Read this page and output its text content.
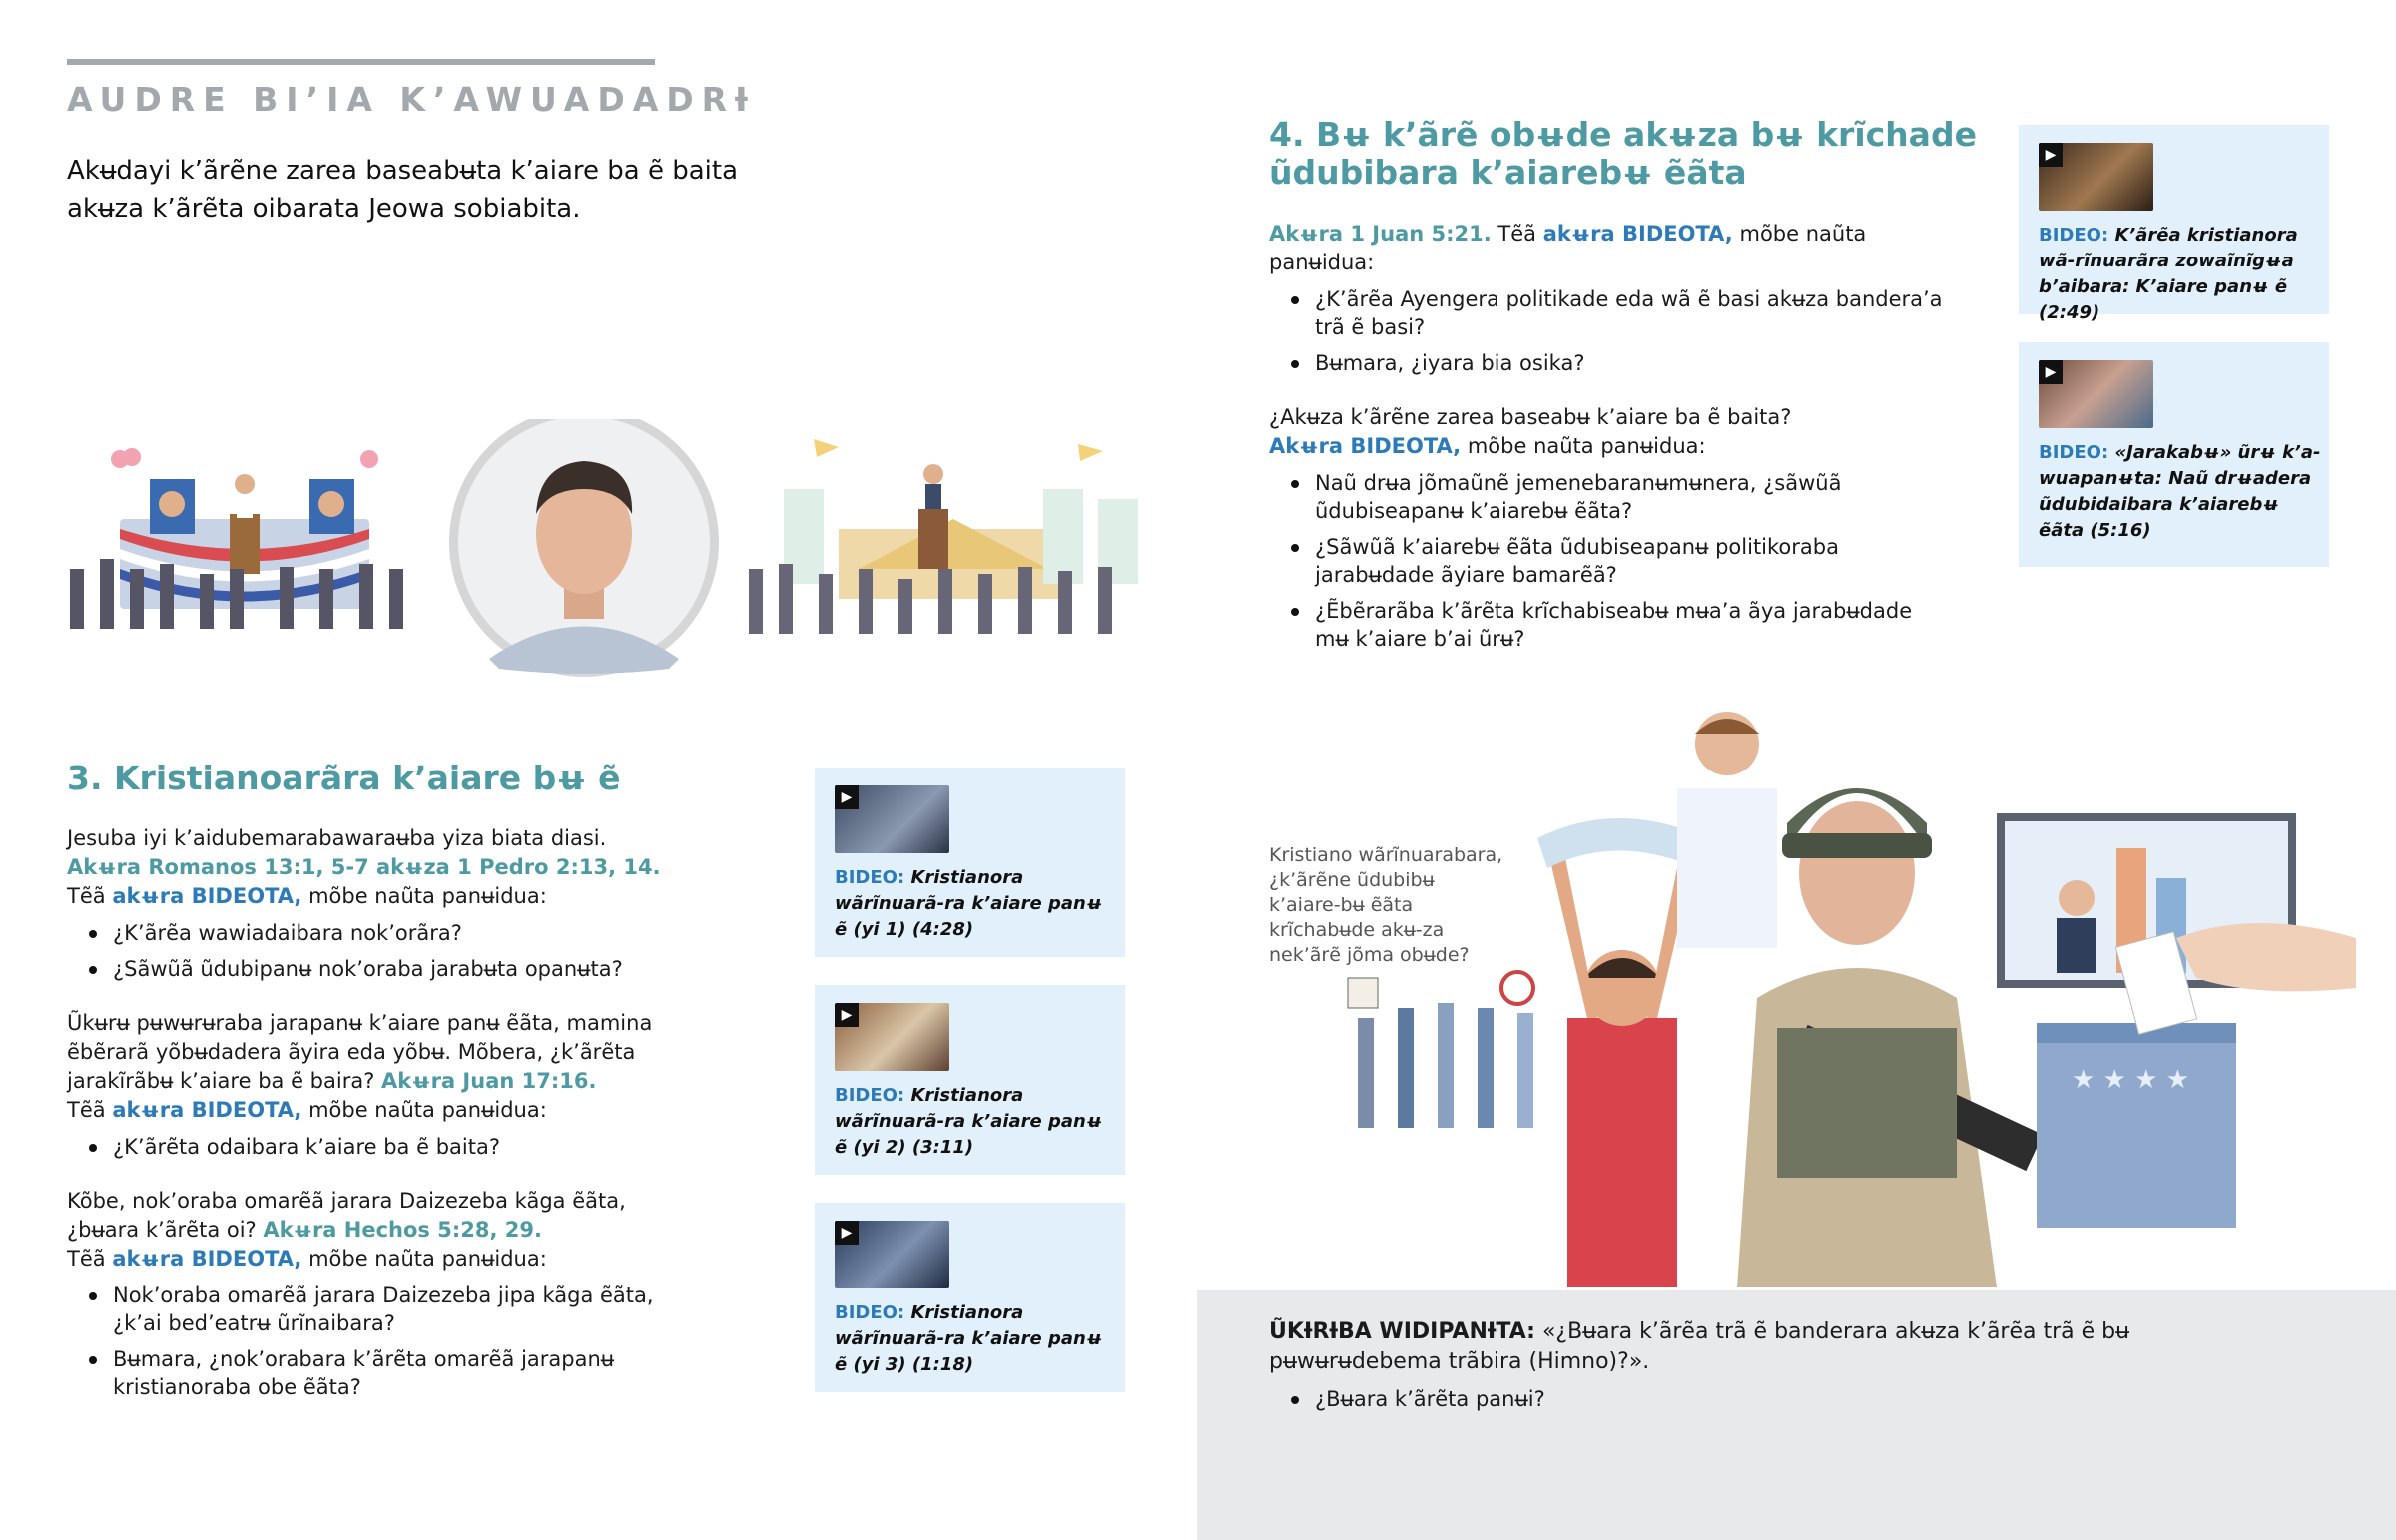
AUDRE BI’IA K’AWUADADRƗ
Akʉdayi k’ãrẽne zarea baseabʉta k’aiare ba ẽ baita akʉza k’ãrẽta oibarata Jeowa sobiabita.
3. Kristianoarãra k’aiare bʉ ẽ

Jesuba iyi k’aidubemarabawaraʉba yiza biata diasi.
Akʉra Romanos 13:1, 5-7 akʉza 1 Pedro 2:13, 14.
Tẽã akʉra BIDEOTA, mõbe naũta panʉidua:

¿K’ãrẽa wawiadaibara nok’orãra?
¿Sãwũã ũdubipanʉ nok’oraba jarabʉta opanʉta?

Ũkʉrʉ pʉwʉrʉraba jarapanʉ k’aiare panʉ ẽãta, mamina ẽbẽrarã yõbʉdadera ãyira eda yõbʉ. Mõbera, ¿k’ãrẽta jarakĩrãbʉ k’aiare ba ẽ baira? Akʉra Juan 17:16.
Tẽã akʉra BIDEOTA, mõbe naũta panʉidua:

¿K’ãrẽta odaibara k’aiare ba ẽ baita?

Kõbe, nok’oraba omarẽã jarara Daizezeba kãga ẽãta, ¿bʉara k’ãrẽta oi? Akʉra Hechos 5:28, 29.
Tẽã akʉra BIDEOTA, mõbe naũta panʉidua:

Nok’oraba omarẽã jarara Daizezeba jipa kãga ẽãta, ¿k’ai bed’eatrʉ ũrĩnaibara?
Bʉmara, ¿nok’orabara k’ãrẽta omarẽã jarapanʉ kristianoraba obe ẽãta?
▶
BIDEO: Kristianora wãrĩnuarã-ra k’aiare panʉ ẽ (yi 1) (4:28)
▶
BIDEO: Kristianora wãrĩnuarã-ra k’aiare panʉ ẽ (yi 2) (3:11)
▶
BIDEO: Kristianora wãrĩnuarã-ra k’aiare panʉ ẽ (yi 3) (1:18)
4. Bʉ k’ãrẽ obʉde akʉza bʉ krĩchade ũdubibara k’aiarebʉ ẽãta

Akʉra 1 Juan 5:21. Tẽã akʉra BIDEOTA, mõbe naũta panʉidua:

¿K’ãrẽa Ayengera politikade eda wã ẽ basi akʉza bandera’a trã ẽ basi?
Bʉmara, ¿iyara bia osika?

¿Akʉza k’ãrẽne zarea baseabʉ k’aiare ba ẽ baita?
Akʉra BIDEOTA, mõbe naũta panʉidua:

Naũ drʉa jõmaũnẽ jemenebaranʉmʉnera, ¿sãwũã ũdubiseapanʉ k’aiarebʉ ẽãta?
¿Sãwũã k’aiarebʉ ẽãta ũdubiseapanʉ politikoraba jarabʉdade ãyiare bamarẽã?
¿Ẽbẽrarãba k’ãrẽta krĩchabiseabʉ mʉa’a ãya jarabʉdade mʉ k’aiare b’ai ũrʉ?
▶
BIDEO: K’ãrẽa kristianora wã-rĩnuarãra zowaĩnĩgʉa b’aibara: K’aiare panʉ ẽ (2:49)
▶
BIDEO: «Jarakabʉ» ũrʉ k’a-wuapanʉta: Naũ drʉadera ũdubidaibara k’aiarebʉ ẽãta (5:16)
Kristiano wãrĩnuarabara, ¿k’ãrẽne ũdubibʉ k’aiare-bʉ ẽãta krĩchabʉde akʉ-za nek’ãrẽ jõma obʉde?
★ ★ ★ ★
ŨKƗRƗBA WIDIPANƗTA: «¿Bʉara k’ãrẽa trã ẽ banderara akʉza k’ãrẽa trã ẽ bʉ pʉwʉrʉdebema trãbira (Himno)?».
¿Bʉara k’ãrẽta panʉi?
